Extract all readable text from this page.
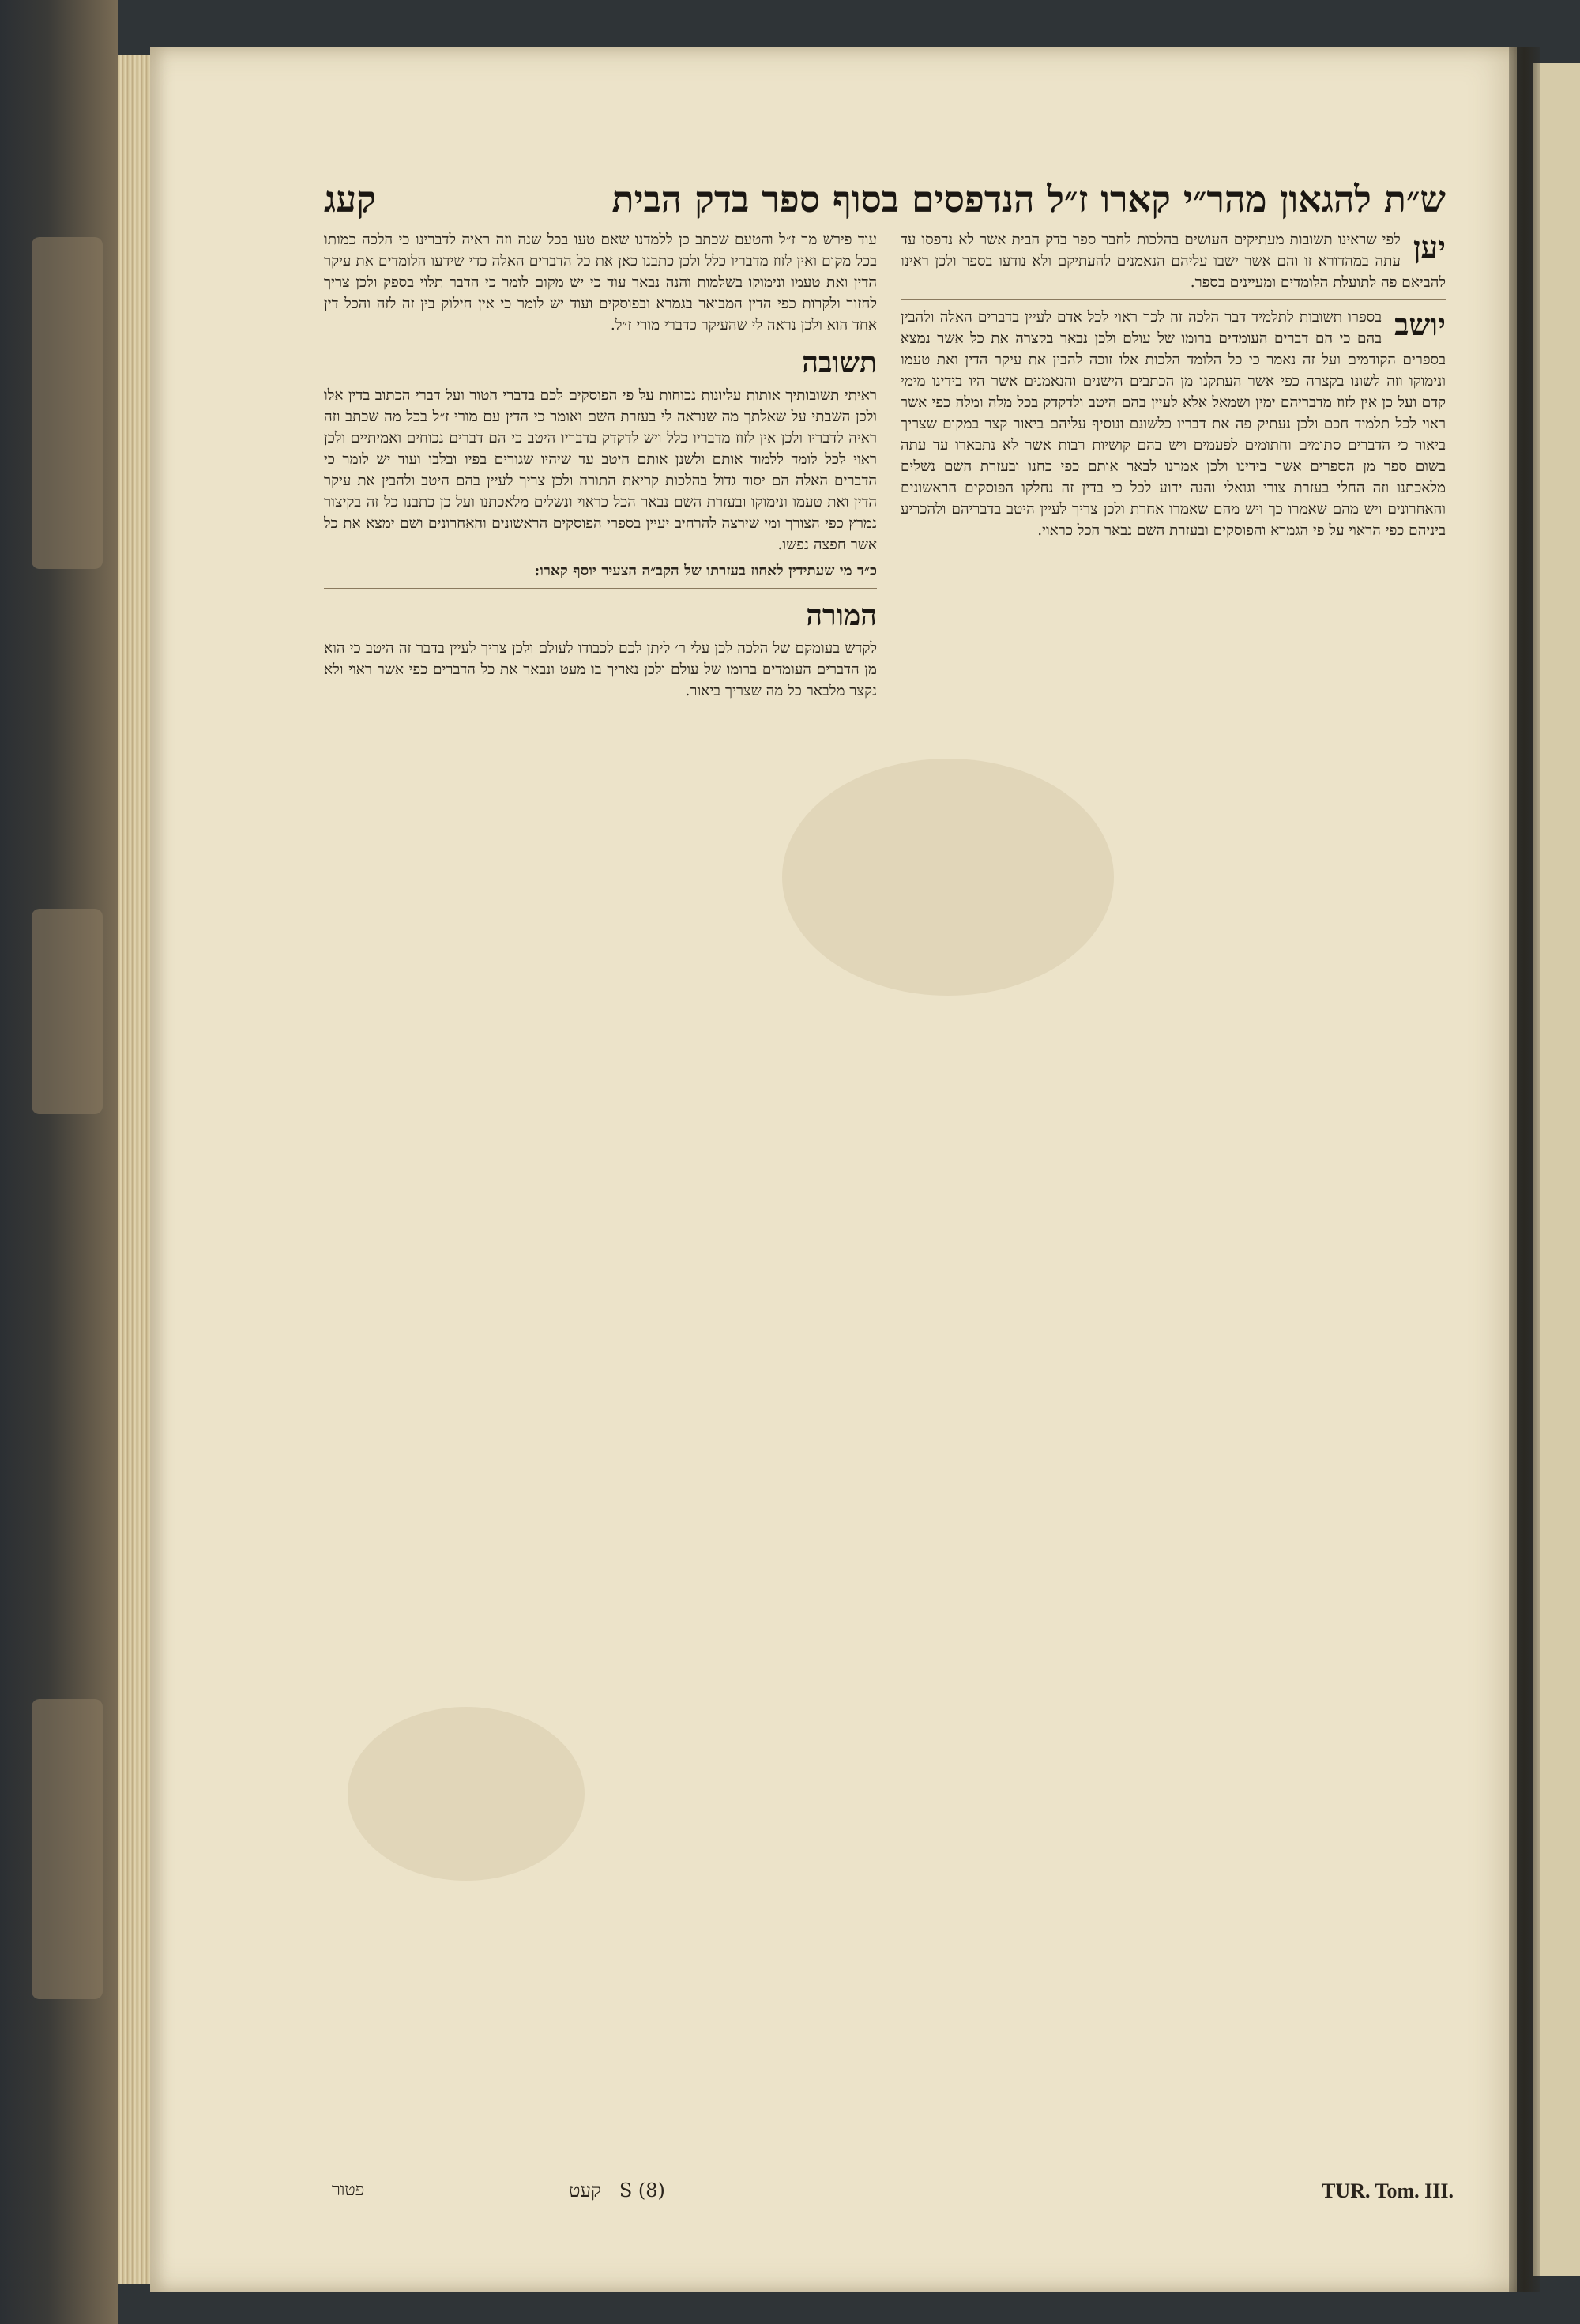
ש״ת להגאון מהר״י קארו ז״ל הנדפסים בסוף ספר בדק הבית
קעג
יען
לפי שראינו תשובות מעתיקים העושים בהלכות לחבר ספר בדק הבית אשר לא נדפסו עד עתה במהדורא זו והם אשר ישבו עליהם הנאמנים להעתיקם ולא נודעו בספר ולכן ראינו להביאם פה לתועלת הלומדים ומעיינים בספר.
יושב
בספרו תשובות לתלמיד דבר הלכה זה לכך ראוי לכל אדם לעיין בדברים האלה ולהבין בהם כי הם דברים העומדים ברומו של עולם ולכן נבאר בקצרה את כל אשר נמצא בספרים הקודמים ועל זה נאמר כי כל הלומד הלכות אלו זוכה להבין את עיקר הדין ואת טעמו ונימוקו וזה לשונו בקצרה כפי אשר העתקנו מן הכתבים הישנים והנאמנים אשר היו בידינו מימי קדם ועל כן אין לזוז מדבריהם ימין ושמאל אלא לעיין בהם היטב ולדקדק בכל מלה ומלה כפי אשר ראוי לכל תלמיד חכם ולכן נעתיק פה את דבריו כלשונם ונוסיף עליהם ביאור קצר במקום שצריך ביאור כי הדברים סתומים וחתומים לפעמים ויש בהם קושיות רבות אשר לא נתבארו עד עתה בשום ספר מן הספרים אשר בידינו ולכן אמרנו לבאר אותם כפי כחנו ובעזרת השם נשלים מלאכתנו וזה החלי בעזרת צורי וגואלי והנה ידוע לכל כי בדין זה נחלקו הפוסקים הראשונים והאחרונים ויש מהם שאמרו כך ויש מהם שאמרו אחרת ולכן צריך לעיין היטב בדבריהם ולהכריע ביניהם כפי הראוי על פי הגמרא והפוסקים ובעזרת השם נבאר הכל כראוי.
עוד פירש מר ז״ל והטעם שכתב כן ללמדנו שאם טעו בכל שנה וזה ראיה לדברינו כי הלכה כמותו בכל מקום ואין לזוז מדבריו כלל ולכן כתבנו כאן את כל הדברים האלה כדי שידעו הלומדים את עיקר הדין ואת טעמו ונימוקו בשלמות והנה נבאר עוד כי יש מקום לומר כי הדבר תלוי בספק ולכן צריך לחזור ולקרות כפי הדין המבואר בגמרא ובפוסקים ועוד יש לומר כי אין חילוק בין זה לזה והכל דין אחד הוא ולכן נראה לי שהעיקר כדברי מורי ז״ל.
תשובה
ראיתי תשובותיך אותות עליונות נכוחות על פי הפוסקים לכם בדברי הטור ועל דברי הכתוב בדין אלו ולכן השבתי על שאלתך מה שנראה לי בעזרת השם ואומר כי הדין עם מורי ז״ל בכל מה שכתב וזה ראיה לדבריו ולכן אין לזוז מדבריו כלל ויש לדקדק בדבריו היטב כי הם דברים נכוחים ואמיתיים ולכן ראוי לכל לומד ללמוד אותם ולשנן אותם היטב עד שיהיו שגורים בפיו ובלבו ועוד יש לומר כי הדברים האלה הם יסוד גדול בהלכות קריאת התורה ולכן צריך לעיין בהם היטב ולהבין את עיקר הדין ואת טעמו ונימוקו ובעזרת השם נבאר הכל כראוי ונשלים מלאכתנו ועל כן כתבנו כל זה בקיצור נמרץ כפי הצורך ומי שירצה להרחיב יעיין בספרי הפוסקים הראשונים והאחרונים ושם ימצא את כל אשר חפצה נפשו.
כ״ד מי שעתידין לאחוז בעזרתו של הקב״ה הצעיר יוסף קארו:
המורה
לקדש בעומקם של הלכה לכן עלי ר׳ ליתן לכם לכבודו לעולם ולכן צריך לעיין בדבר זה היטב כי הוא מן הדברים העומדים ברומו של עולם ולכן נאריך בו מעט ונבאר את כל הדברים כפי אשר ראוי ולא נקצר מלבאר כל מה שצריך ביאור.
פטור	S (8)   קעט	TUR. Tom. III.
